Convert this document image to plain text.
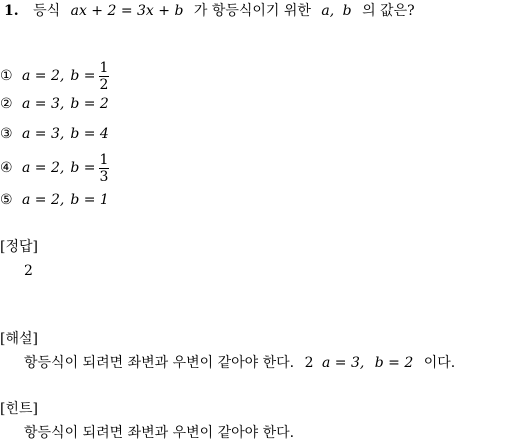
1. 등식 ax + 2 = 3x + b 가 항등식이기 위한 a, b 의 값은?
① a = 2, $b = \frac{1}{2}$
② a = 3, b = 2
③ a = 3, b = 4
④ a = 2, $b = \frac{1}{3}$
⑤ a = 2, b = 1
[정답]
2
[해설]
항등식이 되려면 좌변과 우변이 같아야 한다. 2 a = 3, b = 2 이다.
[힌트]
항등식이 되려면 좌변과 우변이 같아야 한다.
